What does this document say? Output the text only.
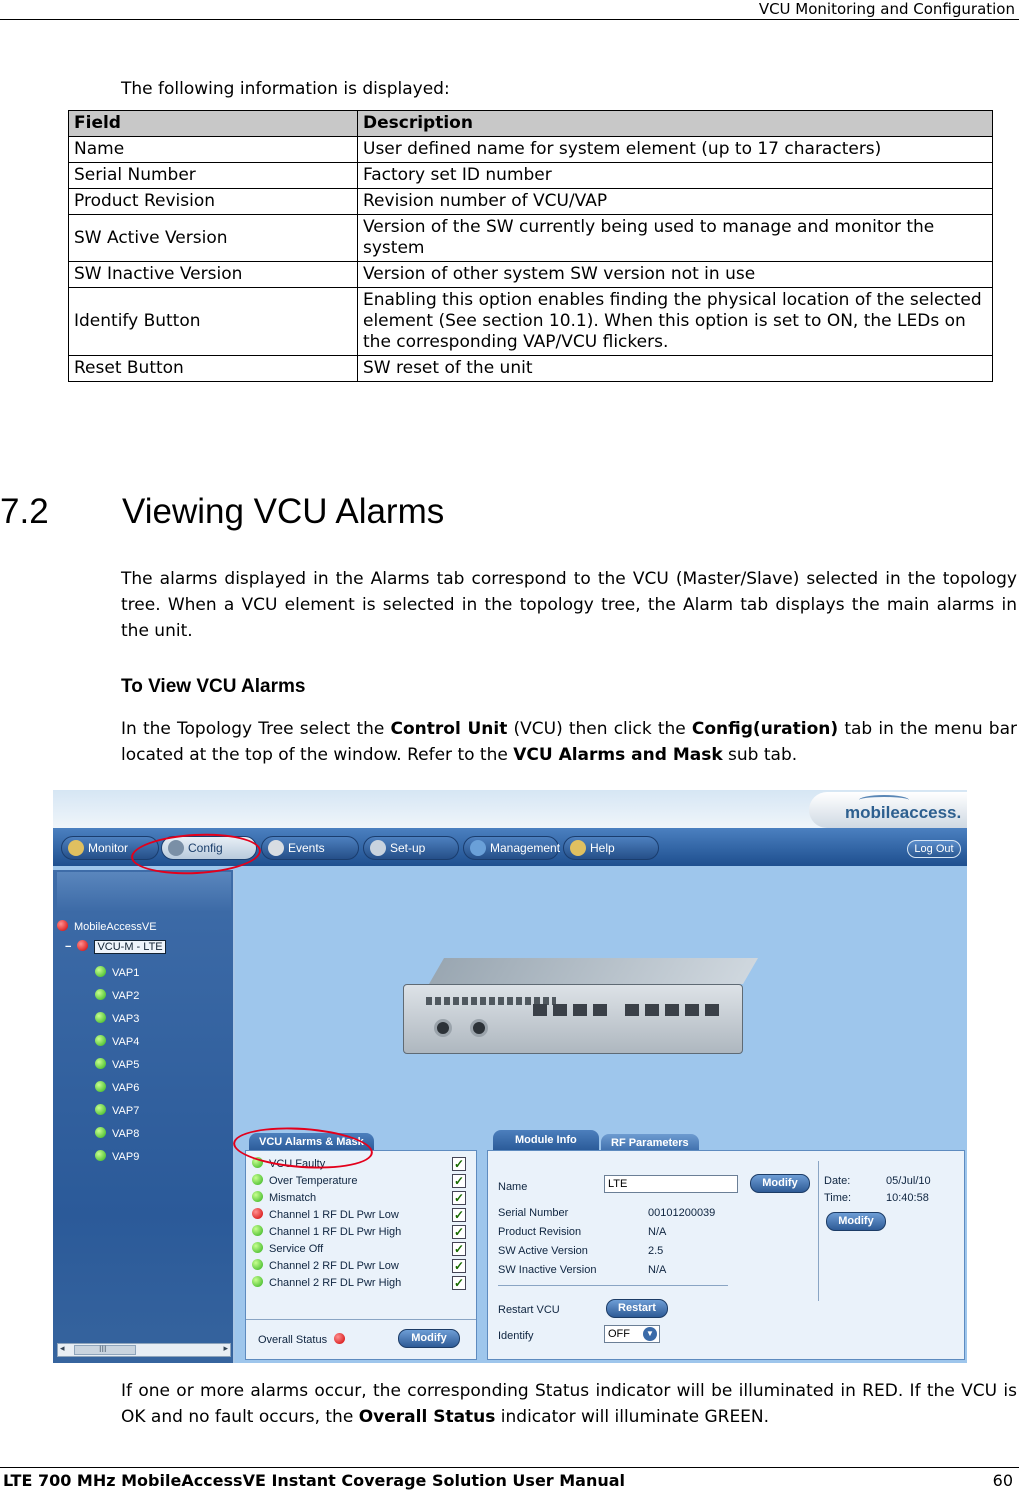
VCU Monitoring and Configuration
The following information is displayed:
Field	Description
Name	User defined name for system element (up to 17 characters)
Serial Number	Factory set ID number
Product Revision	Revision number of VCU/VAP
SW Active Version	Version of the SW currently being used to manage and monitor the system
SW Inactive Version	Version of other system SW version not in use
Identify Button	Enabling this option enables finding the physical location of the selected element (See section 10.1). When this option is set to ON, the LEDs on the corresponding VAP/VCU flickers.
Reset Button	SW reset of the unit
7.2 Viewing VCU Alarms
The alarms displayed in the Alarms tab correspond to the VCU (Master/Slave) selected in the topology tree. When a VCU element is selected in the topology tree, the Alarm tab displays the main alarms in the unit.
To View VCU Alarms
In the Topology Tree select the Control Unit (VCU) then click the Config(uration) tab in the menu bar located at the top of the window. Refer to the VCU Alarms and Mask sub tab.
mobileaccess.
Monitor	Config	Events	Set-up	Management	Help	Log Out
MobileAccessVE
− VCU-M - LTE
VAP1
VAP2
VAP3
VAP4
VAP5
VAP6
VAP7
VAP8
VAP9
◂	III	▸
VCU Alarms & Mask
VCU Faulty	✓
Over Temperature	✓
Mismatch	✓
Channel 1 RF DL Pwr Low	✓
Channel 1 RF DL Pwr High	✓
Service Off	✓
Channel 2 RF DL Pwr Low	✓
Channel 2 RF DL Pwr High	✓
Overall Status	Modify
Module Info	RF Parameters
Name	LTE	Modify	Date:	05/Jul/10
Time:	10:40:58
Modify
Serial Number	00101200039
Product Revision	N/A
SW Active Version	2.5
SW Inactive Version	N/A
Restart VCU	Restart
Identify	OFF	▼
If one or more alarms occur, the corresponding Status indicator will be illuminated in RED. If the VCU is OK and no fault occurs, the Overall Status indicator will illuminate GREEN.
LTE 700 MHz MobileAccessVE Instant Coverage Solution User Manual	60
